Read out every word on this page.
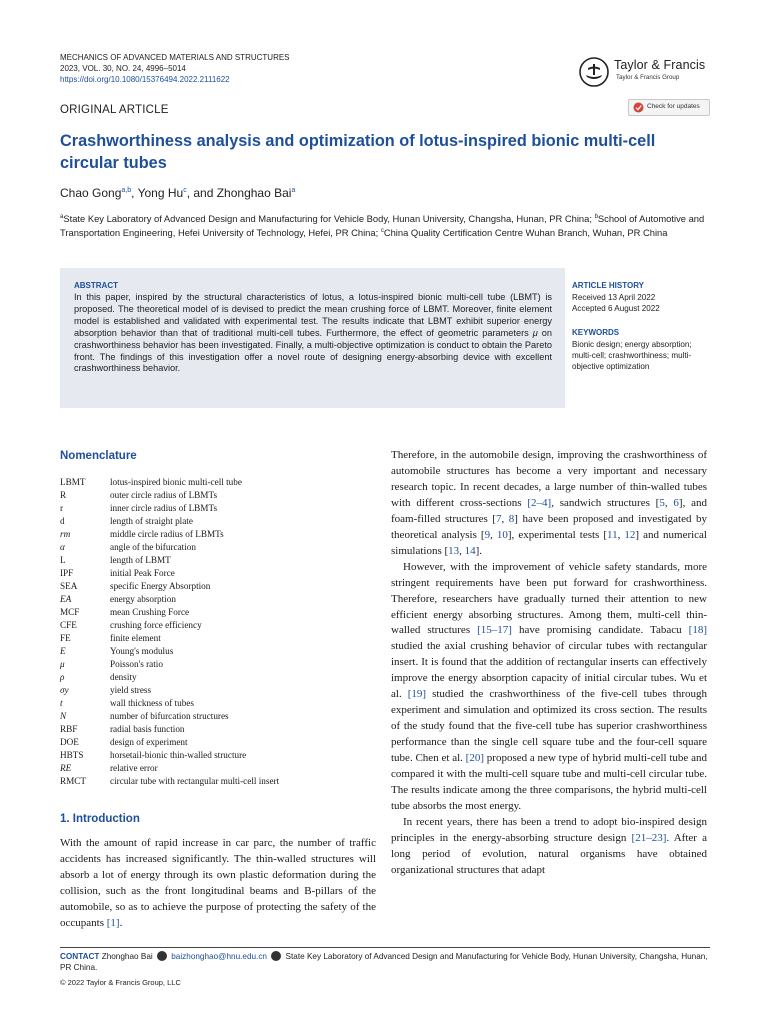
MECHANICS OF ADVANCED MATERIALS AND STRUCTURES
2023, VOL. 30, NO. 24, 4996–5014
https://doi.org/10.1080/15376494.2022.2111622
Taylor & Francis
Taylor & Francis Group
ORIGINAL ARTICLE	Check for updates
Crashworthiness analysis and optimization of lotus-inspired bionic multi-cell circular tubes
Chao Gong$^{a,b}$, Yong Hu$^c$, and Zhonghao Bai$^a$
$^a$State Key Laboratory of Advanced Design and Manufacturing for Vehicle Body, Hunan University, Changsha, Hunan, PR China; $^b$School of Automotive and Transportation Engineering, Hefei University of Technology, Hefei, PR China; $^c$China Quality Certification Centre Wuhan Branch, Wuhan, PR China
ABSTRACT
In this paper, inspired by the structural characteristics of lotus, a lotus-inspired bionic multi-cell tube (LBMT) is proposed. The theoretical model of is devised to predict the mean crushing force of LBMT. Moreover, finite element model is established and validated with experimental test. The results indicate that LBMT exhibit superior energy absorption behavior than that of traditional multi-cell tubes. Furthermore, the effect of geometric parameters μ on crashworthiness behavior has been investigated. Finally, a multi-objective optimization is conduct to obtain the Pareto front. The findings of this investigation offer a novel route of designing energy-absorbing device with excellent crashworthiness behavior.
ARTICLE HISTORY
Received 13 April 2022
Accepted 6 August 2022
KEYWORDS
Bionic design; energy absorption; multi-cell; crashworthiness; multi-objective optimization
Nomenclature
LBMT	lotus-inspired bionic multi-cell tube
R	outer circle radius of LBMTs
r	inner circle radius of LBMTs
d	length of straight plate
rm	middle circle radius of LBMTs
α	angle of the bifurcation
L	length of LBMT
IPF	initial Peak Force
SEA	specific Energy Absorption
EA	energy absorption
MCF	mean Crushing Force
CFE	crushing force efficiency
FE	finite element
E	Young's modulus
μ	Poisson's ratio
ρ	density
σy	yield stress
t	wall thickness of tubes
N	number of bifurcation structures
RBF	radial basis function
DOE	design of experiment
HBTS	horsetail-bionic thin-walled structure
RE	relative error
RMCT	circular tube with rectangular multi-cell insert
1. Introduction

With the amount of rapid increase in car parc, the number of traffic accidents has increased significantly. The thin-walled structures will absorb a lot of energy through its own plastic deformation during the collision, such as the front longitudinal beams and B-pillars of the automobile, so as to achieve the purpose of protecting the safety of the occupants [1].

Therefore, in the automobile design, improving the crashworthiness of automobile structures has become a very important and necessary research topic. In recent decades, a large number of thin-walled tubes with different cross-sections [2–4], sandwich structures [5, 6], and foam-filled structures [7, 8] have been proposed and investigated by theoretical analysis [9, 10], experimental tests [11, 12] and numerical simulations [13, 14].

However, with the improvement of vehicle safety standards, more stringent requirements have been put forward for crashworthiness. Therefore, researchers have gradually turned their attention to new efficient energy absorbing structures. Among them, multi-cell thin-walled structures [15–17] have promising candidate. Tabacu [18] studied the axial crushing behavior of circular tubes with rectangular insert. It is found that the addition of rectangular inserts can effectively improve the energy absorption capacity of initial circular tubes. Wu et al. [19] studied the crashworthiness of the five-cell tubes through experiment and simulation and optimized its cross section. The results of the study found that the five-cell tube has superior crashworthiness performance than the single cell square tube and the four-cell square tube. Chen et al. [20] proposed a new type of hybrid multi-cell tube and compared it with the multi-cell square tube and multi-cell circular tube. The results indicate among the three comparisons, the hybrid multi-cell tube absorbs the most energy.

In recent years, there has been a trend to adopt bio-inspired design principles in the energy-absorbing structure design [21–23]. After a long period of evolution, natural organisms have obtained organizational structures that adapt

CONTACT Zhonghao Bai baizhonghao@hnu.edu.cn State Key Laboratory of Advanced Design and Manufacturing for Vehicle Body, Hunan University, Changsha, Hunan, PR China.
© 2022 Taylor & Francis Group, LLC
